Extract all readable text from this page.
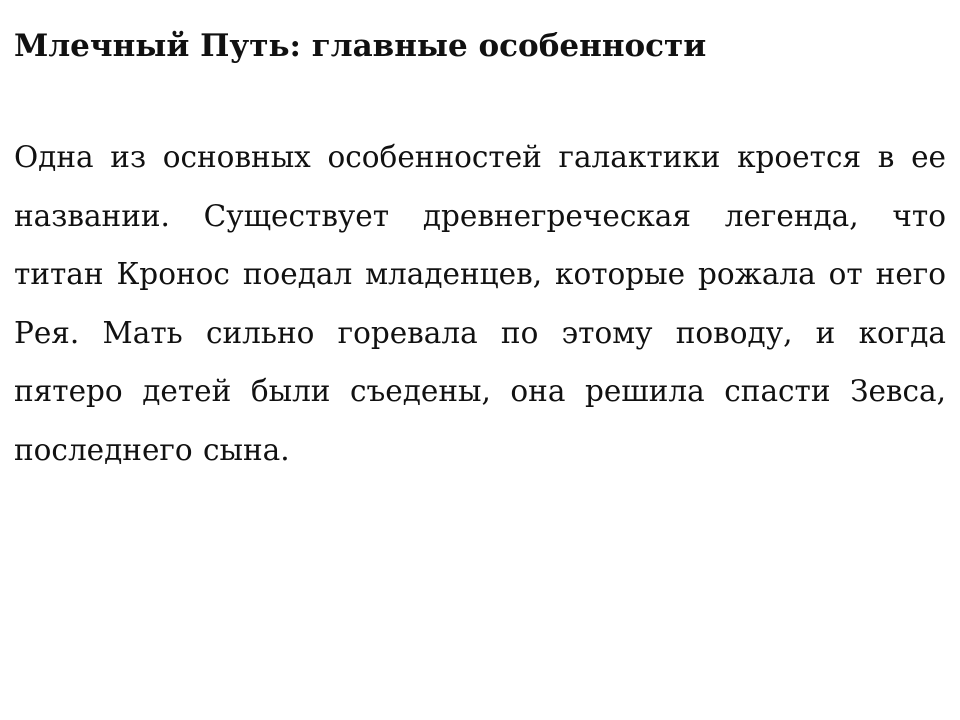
Млечный Путь: главные особенности

Одна из основных особенностей галактики кроется в ее названии. Существует древнегреческая легенда, что титан Кронос поедал младенцев, которые рожала от него Рея. Мать сильно горевала по этому поводу, и когда пятеро детей были съедены, она решила спасти Зевса, последнего сына.
